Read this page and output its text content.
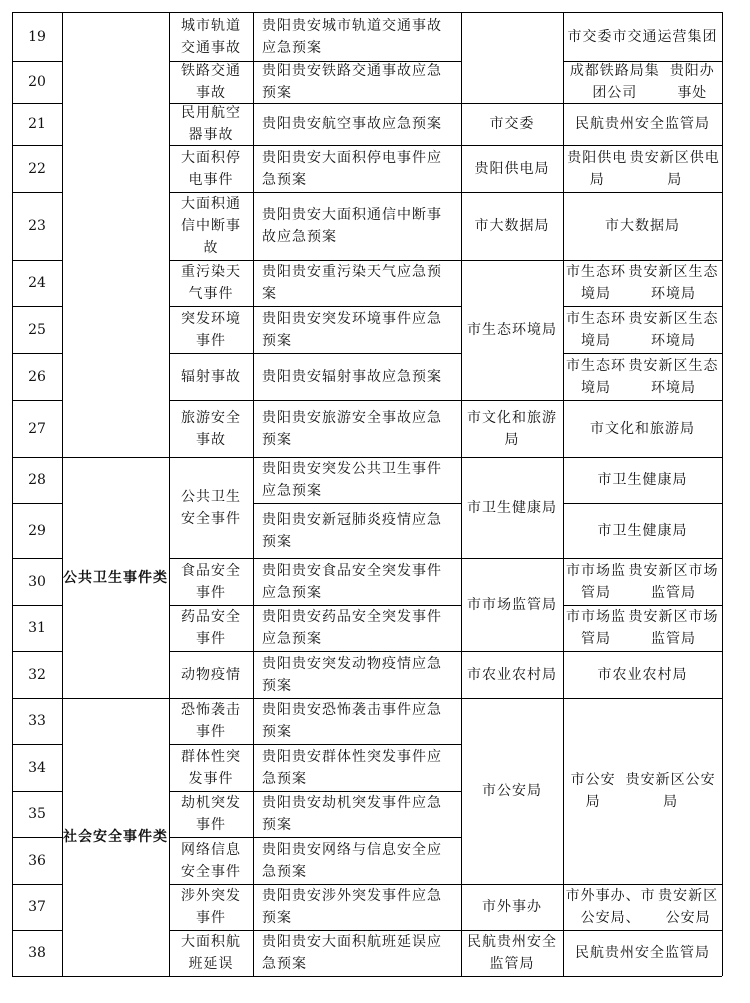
19
贵阳贵安城市轨道交通事故应急预案
20
贵阳贵安铁路交通事故应急预案
21	贵阳贵安航空事故应急预案
22
贵阳贵安大面积停电事件应急预案
23
贵阳贵安大面积通信中断事故应急预案
24
贵阳贵安重污染天气应急预案
25
贵阳贵安突发环境事件应急预案
26	贵阳贵安辐射事故应急预案
27
贵阳贵安旅游安全事故应急预案
28
贵阳贵安突发公共卫生事件应急预案
29
贵阳贵安新冠肺炎疫情应急预案
30
贵阳贵安食品安全突发事件应急预案
31
贵阳贵安药品安全突发事件应急预案
32
贵阳贵安突发动物疫情应急预案
33
贵阳贵安恐怖袭击事件应急预案
34
贵阳贵安群体性突发事件应急预案
35
贵阳贵安劫机突发事件应急预案
36
贵阳贵安网络与信息安全应急预案
37
贵阳贵安涉外突发事件应急预案
38
贵阳贵安大面积航班延误应急预案
公共卫生事件类
社会安全事件类
城市轨道交通事故
铁路交通事故
民用航空器事故
大面积停电事件
大面积通信中断事故
重污染天气事件
突发环境事件
辐射事故
旅游安全事故
食品安全事件
药品安全事件
动物疫情
恐怖袭击事件
群体性突发事件
劫机突发事件
网络信息安全事件
涉外突发事件
大面积航班延误
公共卫生安全事件
市交委
贵阳供电局
市大数据局
市生态环境局
市文化和旅游局
市卫生健康局
市市场监管局
市农业农村局
市公安局
市外事办
民航贵州安全监管局
市交委 市交通运营集团
成都铁路局集团公司
贵阳办事处
民航贵州安全监管局
贵阳供电局
贵安新区供电局
市大数据局
市生态环境局
贵安新区生态环境局
市生态环境局
贵安新区生态环境局
市生态环境局
贵安新区生态环境局
市文化和旅游局
市卫生健康局
市卫生健康局
市市场监管局
贵安新区市场监管局
市市场监管局
贵安新区市场监管局
市农业农村局
市外事办、市公安局、
贵安新区公安局
民航贵州安全监管局
市公安局
贵安新区公安局
